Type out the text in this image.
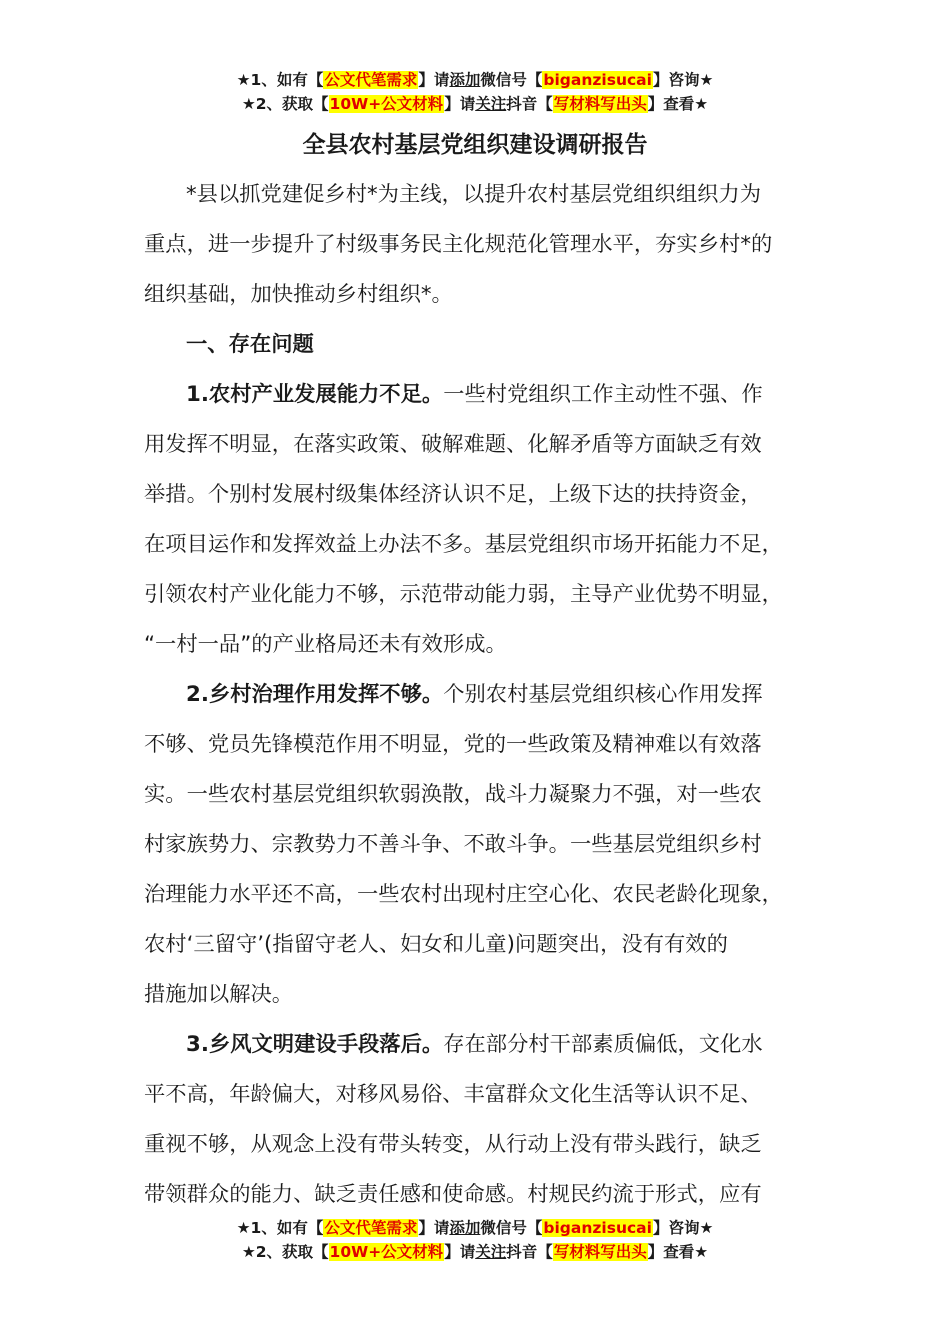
★1、如有【公文代笔需求】请添加微信号【biganzisucai】咨询★
★2、获取【10W+公文材料】请关注抖音【写材料写出头】查看★
全县农村基层党组织建设调研报告

*县以抓党建促乡村*为主线，以提升农村基层党组织组织力为
重点，进一步提升了村级事务民主化规范化管理水平，夯实乡村*的
组织基础，加快推动乡村组织*。

一、存在问题

1.农村产业发展能力不足。一些村党组织工作主动性不强、作
用发挥不明显，在落实政策、破解难题、化解矛盾等方面缺乏有效
举措。个别村发展村级集体经济认识不足，上级下达的扶持资金，
在项目运作和发挥效益上办法不多。基层党组织市场开拓能力不足，
引领农村产业化能力不够，示范带动能力弱，主导产业优势不明显，
“一村一品”的产业格局还未有效形成。

2.乡村治理作用发挥不够。个别农村基层党组织核心作用发挥
不够、党员先锋模范作用不明显，党的一些政策及精神难以有效落
实。一些农村基层党组织软弱涣散，战斗力凝聚力不强，对一些农
村家族势力、宗教势力不善斗争、不敢斗争。一些基层党组织乡村
治理能力水平还不高，一些农村出现村庄空心化、农民老龄化现象，
农村‘三留守’(指留守老人、妇女和儿童)问题突出，没有有效的
措施加以解决。

3.乡风文明建设手段落后。存在部分村干部素质偏低，文化水
平不高，年龄偏大，对移风易俗、丰富群众文化生活等认识不足、
重视不够，从观念上没有带头转变，从行动上没有带头践行，缺乏
带领群众的能力、缺乏责任感和使命感。村规民约流于形式，应有

★1、如有【公文代笔需求】请添加微信号【biganzisucai】咨询★
★2、获取【10W+公文材料】请关注抖音【写材料写出头】查看★
